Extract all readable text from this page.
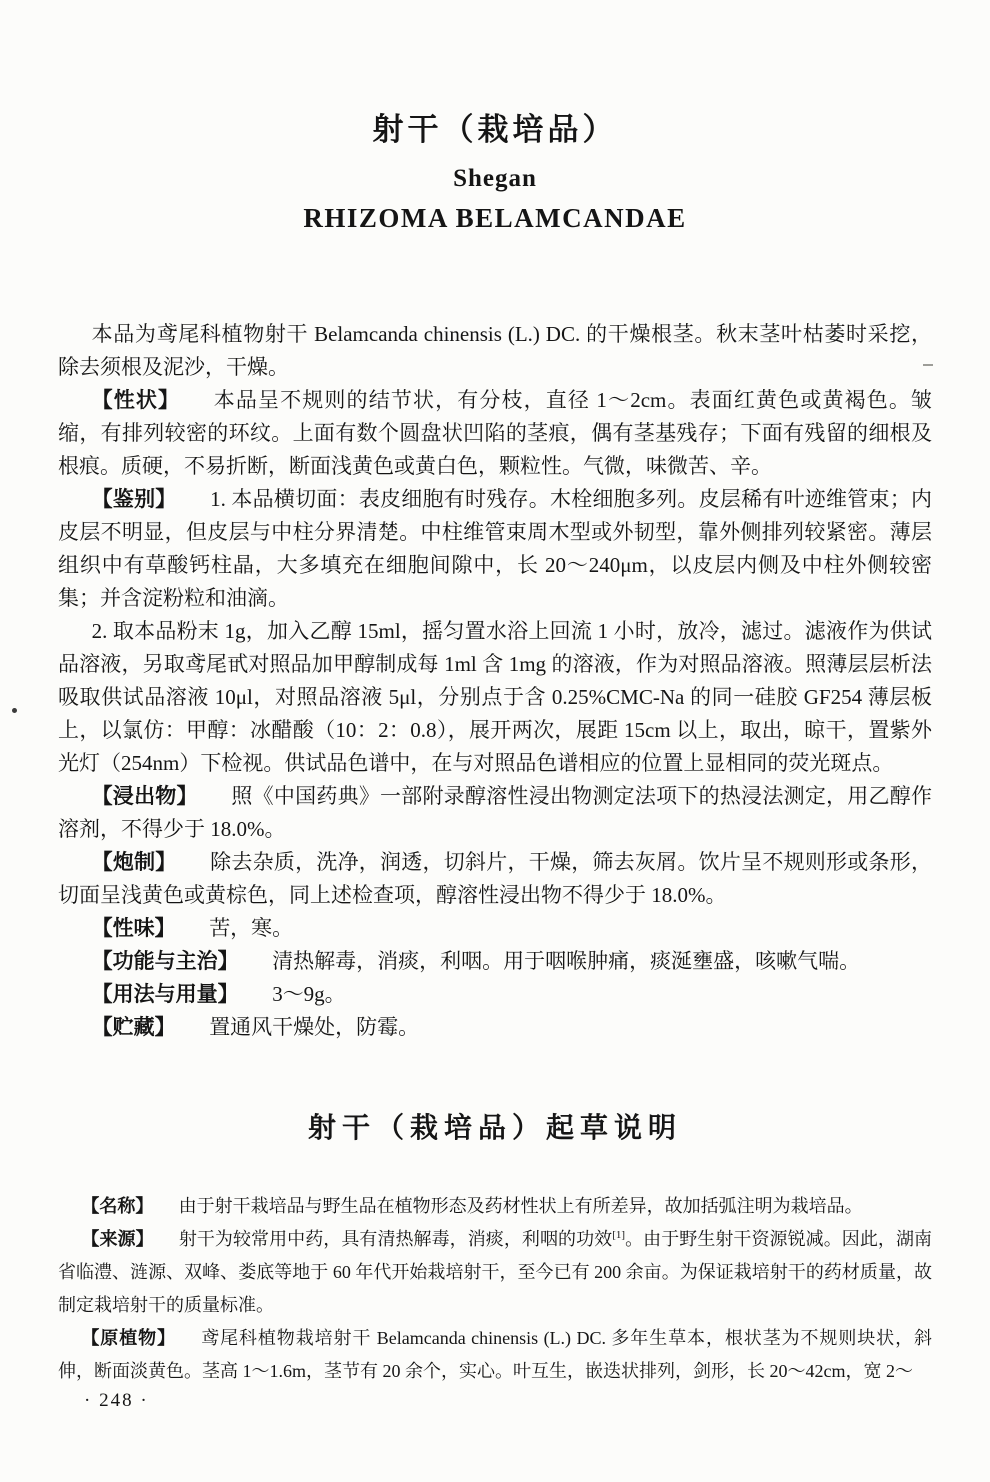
射干（栽培品）
Shegan
RHIZOMA BELAMCANDAE

本品为鸢尾科植物射干 Belamcanda chinensis (L.) DC. 的干燥根茎。秋末茎叶枯萎时采挖，除去须根及泥沙，干燥。

【性状】 本品呈不规则的结节状，有分枝，直径 1～2cm。表面红黄色或黄褐色。皱缩，有排列较密的环纹。上面有数个圆盘状凹陷的茎痕，偶有茎基残存；下面有残留的细根及根痕。质硬，不易折断，断面浅黄色或黄白色，颗粒性。气微，味微苦、辛。

【鉴别】 1. 本品横切面：表皮细胞有时残存。木栓细胞多列。皮层稀有叶迹维管束；内皮层不明显，但皮层与中柱分界清楚。中柱维管束周木型或外韧型，靠外侧排列较紧密。薄层组织中有草酸钙柱晶，大多填充在细胞间隙中，长 20～240μm，以皮层内侧及中柱外侧较密集；并含淀粉粒和油滴。

2. 取本品粉末 1g，加入乙醇 15ml，摇匀置水浴上回流 1 小时，放冷，滤过。滤液作为供试品溶液，另取鸢尾甙对照品加甲醇制成每 1ml 含 1mg 的溶液，作为对照品溶液。照薄层层析法吸取供试品溶液 10μl，对照品溶液 5μl，分别点于含 0.25%CMC-Na 的同一硅胶 GF254 薄层板上，以氯仿：甲醇：冰醋酸（10：2：0.8），展开两次，展距 15cm 以上，取出，晾干，置紫外光灯（254nm）下检视。供试品色谱中，在与对照品色谱相应的位置上显相同的荧光斑点。

【浸出物】 照《中国药典》一部附录醇溶性浸出物测定法项下的热浸法测定，用乙醇作溶剂，不得少于 18.0%。

【炮制】 除去杂质，洗净，润透，切斜片，干燥，筛去灰屑。饮片呈不规则形或条形，切面呈浅黄色或黄棕色，同上述检查项，醇溶性浸出物不得少于 18.0%。

【性味】 苦，寒。

【功能与主治】 清热解毒，消痰，利咽。用于咽喉肿痛，痰涎壅盛，咳嗽气喘。

【用法与用量】 3～9g。

【贮藏】 置通风干燥处，防霉。

射干（栽培品）起草说明

【名称】 由于射干栽培品与野生品在植物形态及药材性状上有所差异，故加括弧注明为栽培品。

【来源】 射干为较常用中药，具有清热解毒，消痰，利咽的功效[1]。由于野生射干资源锐减。因此，湖南省临澧、涟源、双峰、娄底等地于 60 年代开始栽培射干，至今已有 200 余亩。为保证栽培射干的药材质量，故制定栽培射干的质量标准。

【原植物】 鸢尾科植物栽培射干 Belamcanda chinensis (L.) DC. 多年生草本，根状茎为不规则块状，斜伸，断面淡黄色。茎高 1～1.6m，茎节有 20 余个，实心。叶互生，嵌迭状排列，剑形，长 20～42cm，宽 2～

· 248 ·
